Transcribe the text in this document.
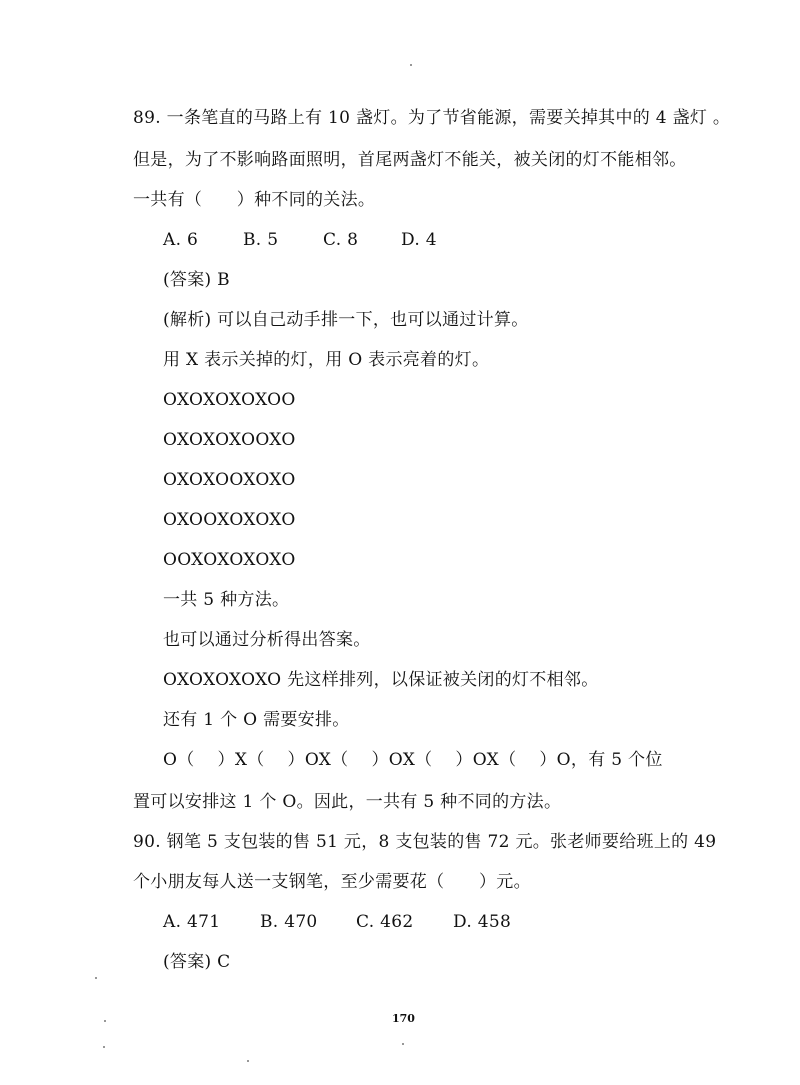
89. 一条笔直的马路上有 10 盏灯。为了节省能源，需要关掉其中的 4 盏灯 。
但是，为了不影响路面照明，首尾两盏灯不能关，被关闭的灯不能相邻。
一共有（　　）种不同的关法。
A. 6	B. 5	C. 8	D. 4
(答案) B
(解析) 可以自己动手排一下，也可以通过计算。
用 X 表示关掉的灯，用 O 表示亮着的灯。
OXOXOXOXOO
OXOXOXOOXO
OXOXOOXOXO
OXOOXOXOXO
OOXOXOXOXO
一共 5 种方法。
也可以通过分析得出答案。
OXOXOXOXO 先这样排列，以保证被关闭的灯不相邻。
还有 1 个 O 需要安排。
O（　 ）X（　 ）OX（　 ）OX（　 ）OX（　 ）O，有 5 个位
置可以安排这 1 个 O。因此，一共有 5 种不同的方法。
90. 钢笔 5 支包装的售 51 元，8 支包装的售 72 元。张老师要给班上的 49
个小朋友每人送一支钢笔，至少需要花（　　）元。
A. 471 B. 470 C. 462 D. 458
(答案) C
170
